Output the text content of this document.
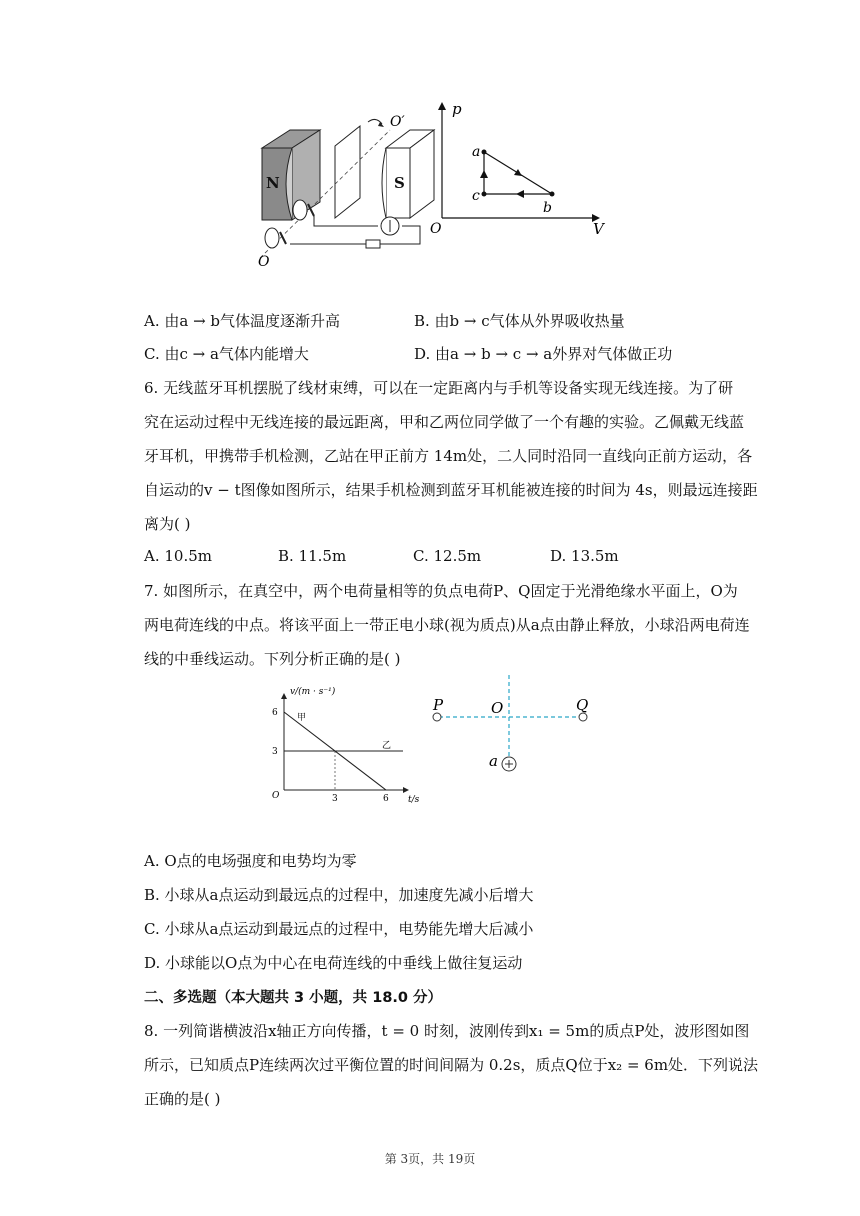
N
O′
S
O
p
V
O
a
b
c
A. 由a → b气体温度逐渐升高	B. 由b → c气体从外界吸收热量
C. 由c → a气体内能增大	D. 由a → b → c → a外界对气体做正功
6. 无线蓝牙耳机摆脱了线材束缚，可以在一定距离内与手机等设备实现无线连接。为了研
究在运动过程中无线连接的最远距离，甲和乙两位同学做了一个有趣的实验。乙佩戴无线蓝
牙耳机，甲携带手机检测，乙站在甲正前方 14m处，二人同时沿同一直线向正前方运动，各
自运动的v − t图像如图所示，结果手机检测到蓝牙耳机能被连接的时间为 4s，则最远连接距
离为( )
A. 10.5m	B. 11.5m	C. 12.5m	D. 13.5m
7. 如图所示，在真空中，两个电荷量相等的负点电荷P、Q固定于光滑绝缘水平面上，O为
两电荷连线的中点。将该平面上一带正电小球(视为质点)从a点由静止释放，小球沿两电荷连
线的中垂线运动。下列分析正确的是( )
v/(m · s⁻¹)
t/s
O
6
3
3	6
甲
乙
P	O	Q
a
A. O点的电场强度和电势均为零
B. 小球从a点运动到最远点的过程中，加速度先减小后增大
C. 小球从a点运动到最远点的过程中，电势能先增大后减小
D. 小球能以O点为中心在电荷连线的中垂线上做往复运动
二、多选题（本大题共 3 小题，共 18.0 分）
8. 一列简谐横波沿x轴正方向传播，t = 0 时刻，波刚传到x₁ = 5m的质点P处，波形图如图
所示，已知质点P连续两次过平衡位置的时间间隔为 0.2s，质点Q位于x₂ = 6m处．下列说法
正确的是( )
第 3页，共 19页
